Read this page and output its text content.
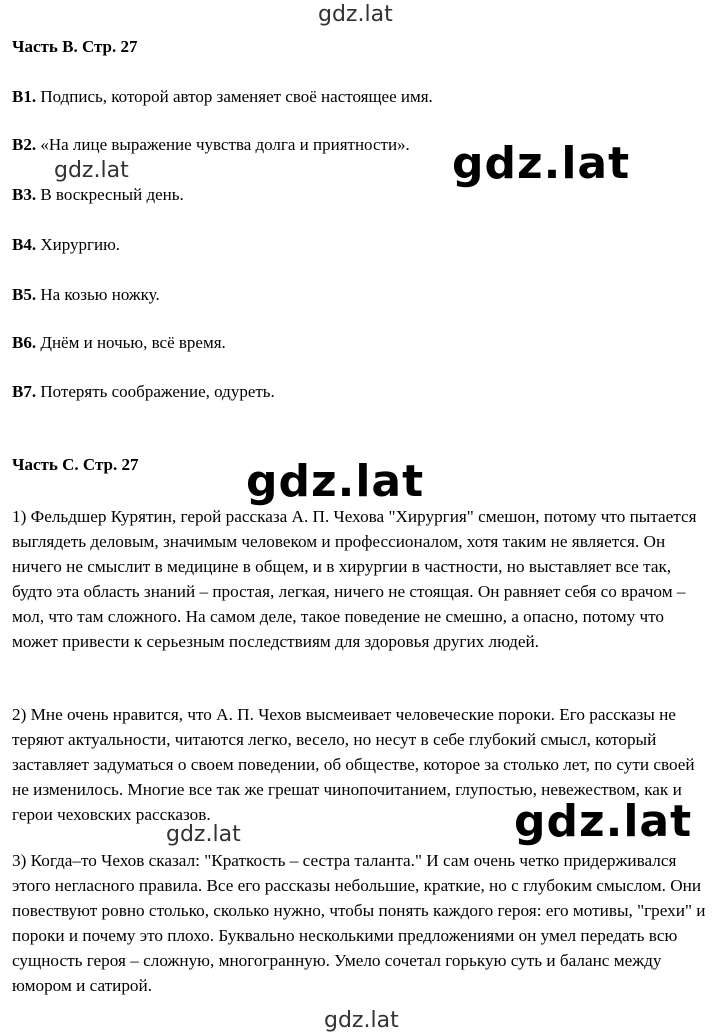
gdz.lat
Часть В. Стр. 27
В1. Подпись, которой автор заменяет своё настоящее имя.
В2. «На лице выражение чувства долга и приятности».
gdz.lat	gdz.lat
В3. В воскресный день.
В4. Хирургию.
В5. На козью ножку.
В6. Днём и ночью, всё время.
В7. Потерять соображение, одуреть.
Часть С. Стр. 27 gdz.lat

1) Фельдшер Курятин, герой рассказа А. П. Чехова "Хирургия" смешон, потому что пытается выглядеть деловым, значимым человеком и профессионалом, хотя таким не является. Он ничего не смыслит в медицине в общем, и в хирургии в частности, но выставляет все так, будто эта область знаний – простая, легкая, ничего не стоящая. Он равняет себя со врачом – мол, что там сложного. На самом деле, такое поведение не смешно, а опасно, потому что может привести к серьезным последствиям для здоровья других людей.

2) Мне очень нравится, что А. П. Чехов высмеивает человеческие пороки. Его рассказы не теряют актуальности, читаются легко, весело, но несут в себе глубокий смысл, который заставляет задуматься о своем поведении, об обществе, которое за столько лет, по сути своей не изменилось. Многие все так же грешат чинопочитанием, глупостью, невежеством, как и герои чеховских рассказов.

gdz.lat	gdz.lat

3) Когда–то Чехов сказал: "Краткость – сестра таланта." И сам очень четко придерживался этого негласного правила. Все его рассказы небольшие, краткие, но с глубоким смыслом. Они повествуют ровно столько, сколько нужно, чтобы понять каждого героя: его мотивы, "грехи" и пороки и почему это плохо. Буквально несколькими предложениями он умел передать всю сущность героя – сложную, многогранную. Умело сочетал горькую суть и баланс между юмором и сатирой.

gdz.lat
